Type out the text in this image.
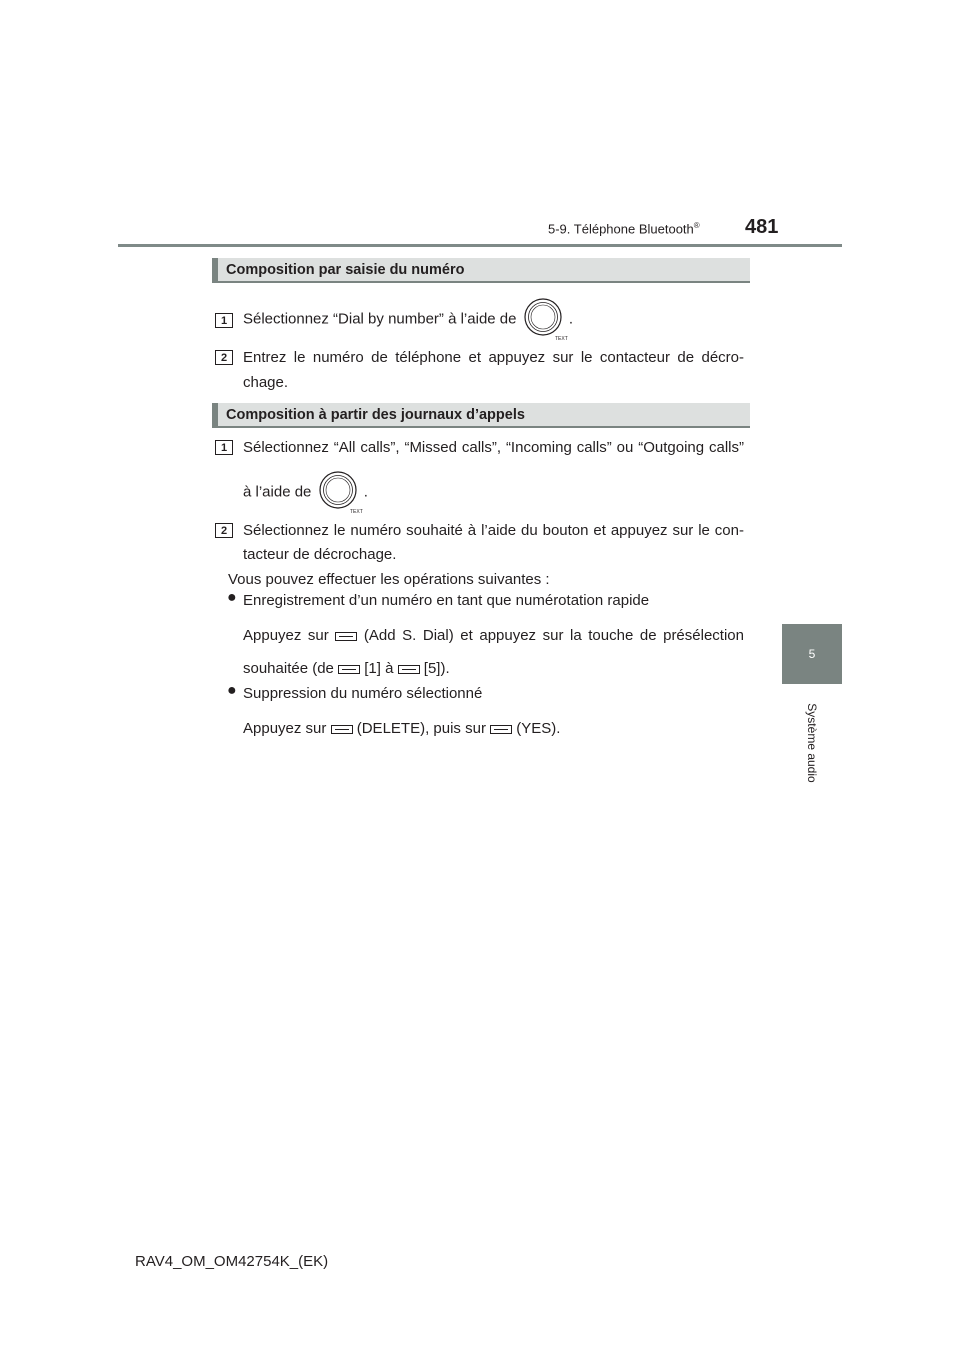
5-9. Téléphone Bluetooth® 481
5
Système audio
Composition par saisie du numéro
1	Sélectionnez “Dial by number” à l’aide de
TEXT
.
2	Entrez le numéro de téléphone et appuyez sur le contacteur de décro-
chage.
Composition à partir des journaux d’appels
1	Sélectionnez “All calls”, “Missed calls”, “Incoming calls” ou “Outgoing calls”
à l’aide de
TEXT
.
2	Sélectionnez le numéro souhaité à l’aide du bouton et appuyez sur le con-
tacteur de décrochage.
Vous pouvez effectuer les opérations suivantes :
● Enregistrement d’un numéro en tant que numérotation rapide
Appuyez sur (Add S. Dial) et appuyez sur la touche de présélection
souhaitée (de [1] à [5]).
● Suppression du numéro sélectionné
Appuyez sur (DELETE), puis sur (YES).
RAV4_OM_OM42754K_(EK)
